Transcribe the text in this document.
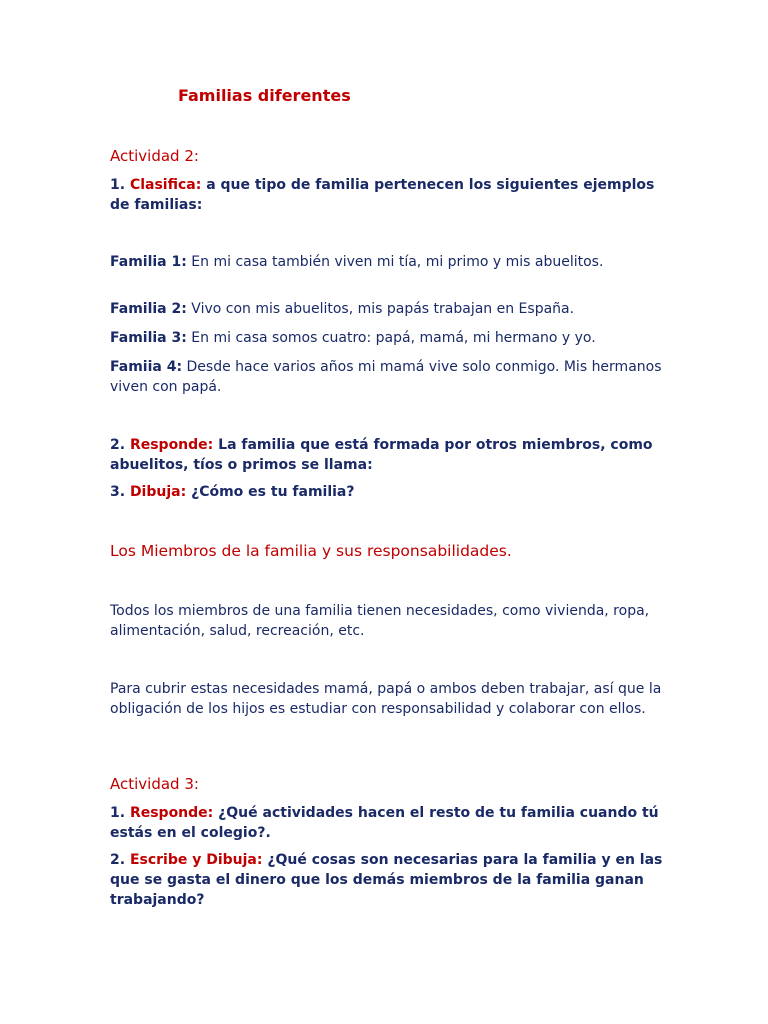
Familias diferentes
Actividad 2:
1. Clasifica: a que tipo de familia pertenecen los siguientes ejemplos de familias:
Familia 1: En mi casa también viven mi tía, mi primo y mis abuelitos.
Familia 2: Vivo con mis abuelitos, mis papás trabajan en España.
Familia 3: En mi casa somos cuatro: papá, mamá, mi hermano y yo.
Famiia 4: Desde hace varios años mi mamá vive solo conmigo. Mis hermanos viven con papá.
2. Responde: La familia que está formada por otros miembros, como abuelitos, tíos o primos se llama:
3. Dibuja: ¿Cómo es tu familia?
Los Miembros de la familia y sus responsabilidades.
Todos los miembros de una familia tienen necesidades, como vivienda, ropa, alimentación, salud, recreación, etc.
Para cubrir estas necesidades mamá, papá o ambos deben trabajar, así que la obligación de los hijos es estudiar con responsabilidad y colaborar con ellos.
Actividad 3:
1. Responde: ¿Qué actividades hacen el resto de tu familia cuando tú estás en el colegio?.
2. Escribe y Dibuja: ¿Qué cosas son necesarias para la familia y en las que se gasta el dinero que los demás miembros de la familia ganan trabajando?
